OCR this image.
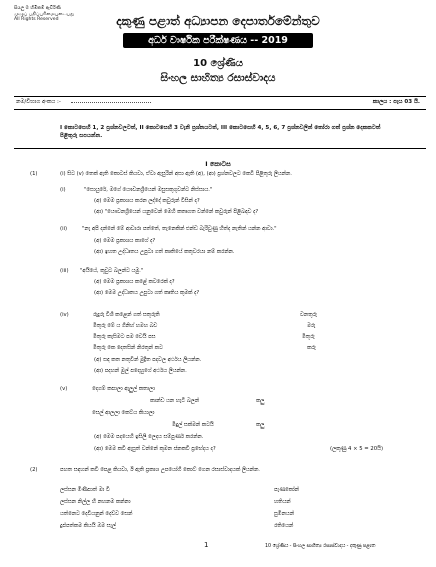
සියලු ම හිමිකම් ඇවිරිණි
முழுப் பதிப்புரிமையுடையது
All Rights Reserved	දකුණු පළාත් අධ්‍යාපන දෙපාර්තමේන්තුව
අර්ධ වාර්ෂික පරීක්ෂණය -- 2019
10 ශ්‍රේණිය
සිංහල සාහිත්‍ය රසාස්වාදය
නම/විභාග අංකය :-	කාලය : පැය 03 යි.
I කොටසෙහි 1, 2 ප්‍රශ්නවලටත්, II කොටසෙහි 3 වැනි ප්‍රශ්නයටත්, III කොටසෙහි 4, 5, 6, 7 ප්‍රශ්නවලින් තෝරා ගත් ප්‍රශ්න දෙකකටත් පිළිතුරු සපයන්න.
I කොටස
(1)	(i) සිට (v) තෙක් ඇති කොටස් කියවා, ඒවා ඇසුරින් අසා ඇති (අ), (ආ) ප්‍රශ්නවලට කෙටි පිළිතුරු ලියන්න.
(i)	"සොයුරේ, මගේ යෞවනශ්‍රීයෙන් මසුසකුගුවන්ට නිස්සාය."
(අ) මෙම ප්‍රකාශය කරන ලද්දේ කවුරුන් විසින් ද?
(ආ) "යෞවනශ්‍රීයෙන් යනුවෙන් මෙහි කතෘගත වන්නේ කවුරුන් පිළිබඳව ද?
(ii)	"නැ අපි දන්නේ මේ ආවාරා පත්තේ, තැනෙකින් එන්ඩ බැරිවුණු හිත්ද නැතින් යන්න ආවා."
(අ) මෙම ප්‍රකාශය කාගේ ද?
(ආ) ඉහත උද්ධෘතය උපුටා ගත් කෘතියේ කතුවරයා නම් කරන්න.
(iii) "අයියේ, කුවුට බලන්ට යමු."
(අ) මෙම ප්‍රකාශය කළේ කවරෙක් ද?
(ආ) මෙම උද්ධෘතය උපුටා ගත් කෘතිය කුමක් ද?
(iv)	රුදුරු විශී කළෙන් ගත් සතුරුති	වනතුරු
මිතුරු මේ ය ගිනිහ් හමහ බව	මරු
මිතුරු කැසිමට පම වෙයි පස	මිතුරු
මිතුරු කෙ දෙතසින් නිරතුන් කට	කරු
(අ) සඳ කත නතුවීන් මුද්‍රිත පදවල අර්ථය ලියන්න.
(ආ) පදහන් මුල් පදෙහුගේ අර්ථය ලියන්න.
(v)	දෙගම් කපාලා ඇලුල් කතාලා
කාන්ඩ යන හැටි බලන්	කලු
සෙල් ආලලා කෙට්ය කියාලා
මිදුල් සක්මන් කටයි	කලු
(අ) මෙම පදයෙහි ඉසිලි ලෙදය සම්පුර්ණ කරන්න.
(ආ) මෙම කවි ඇසුත් වන්නේ කුමන ජනකවි ප්‍රභේදය ද?	(ලකුණු 4 × 5 = 20යි)
(2)	පහත සඳහන් කවි පෙළ කියවා, ඊ ඇති ප්‍රකාශ උපයෝගී කොට් ගෙන රසාස්වාදයක් ලියන්න.
ලස්සන මිණිපාත් මා වි	පැණකෝන්
ලස්සන නිල්ල හී නහනම කන්නා	හතියන්
යත්නෙට දෙවියනුන් දෙව්ව සෙන්	සුමිනයන්
දුප්පත්කම කියයි ඔම සැල්	රතියෙන්
1	10 ශ්‍රේණිය - සිංහල සාහිත්‍ය රසාස්වාදය - දකුණු පළාත
